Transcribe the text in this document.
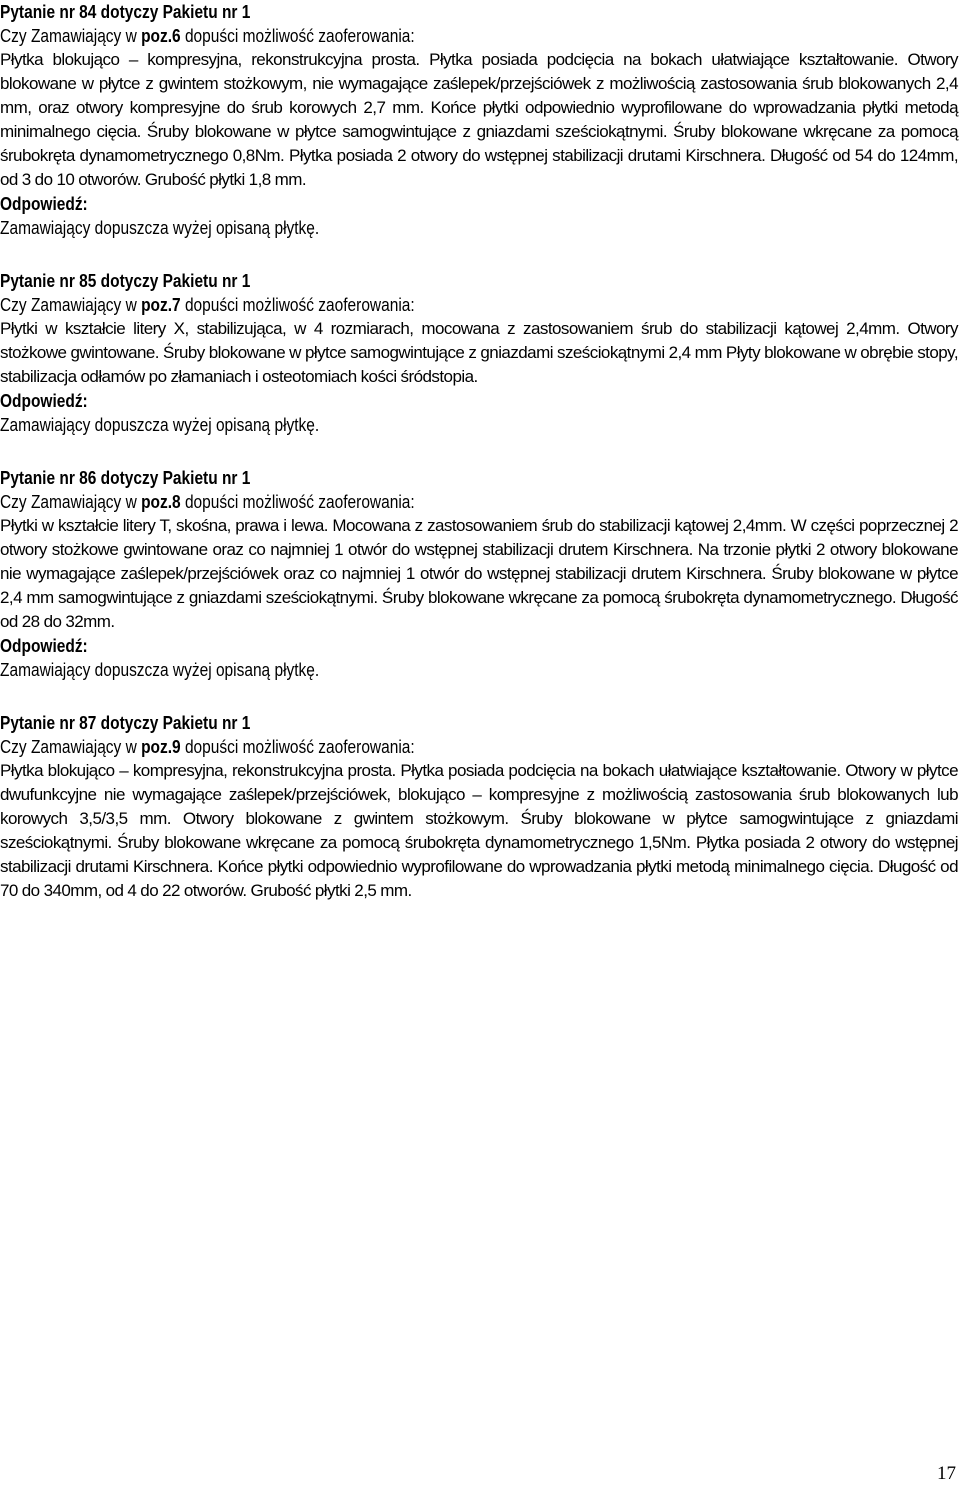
Pytanie nr 84 dotyczy Pakietu nr 1
Czy Zamawiający w poz.6 dopuści możliwość zaoferowania:

Płytka blokująco – kompresyjna, rekonstrukcyjna prosta. Płytka posiada podcięcia na bokach ułatwiające kształtowanie. Otwory blokowane w płytce z gwintem stożkowym, nie wymagające zaślepek/przejściówek z możliwością zastosowania śrub blokowanych 2,4 mm, oraz otwory kompresyjne do śrub korowych 2,7 mm. Końce płytki odpowiednio wyprofilowane do wprowadzania płytki metodą minimalnego cięcia. Śruby blokowane w płytce samogwintujące z gniazdami sześciokątnymi. Śruby blokowane wkręcane za pomocą śrubokręta dynamometrycznego 0,8Nm. Płytka posiada 2 otwory do wstępnej stabilizacji drutami Kirschnera. Długość od 54 do 124mm, od 3 do 10 otworów. Grubość płytki 1,8 mm.

Odpowiedź:
Zamawiający dopuszcza wyżej opisaną płytkę.
Pytanie nr 85 dotyczy Pakietu nr 1
Czy Zamawiający w poz.7 dopuści możliwość zaoferowania:

Płytki w kształcie litery X, stabilizująca, w 4 rozmiarach, mocowana z zastosowaniem śrub do stabilizacji kątowej 2,4mm. Otwory stożkowe gwintowane. Śruby blokowane w płytce samogwintujące z gniazdami sześciokątnymi 2,4 mm Płyty blokowane w obrębie stopy, stabilizacja odłamów po złamaniach i osteotomiach kości śródstopia.

Odpowiedź:
Zamawiający dopuszcza wyżej opisaną płytkę.
Pytanie nr 86 dotyczy Pakietu nr 1
Czy Zamawiający w poz.8 dopuści możliwość zaoferowania:

Płytki w kształcie litery T, skośna, prawa i lewa. Mocowana z zastosowaniem śrub do stabilizacji kątowej 2,4mm. W części poprzecznej 2 otwory stożkowe gwintowane oraz co najmniej 1 otwór do wstępnej stabilizacji drutem Kirschnera. Na trzonie płytki 2 otwory blokowane nie wymagające zaślepek/przejściówek oraz co najmniej 1 otwór do wstępnej stabilizacji drutem Kirschnera. Śruby blokowane w płytce 2,4 mm samogwintujące z gniazdami sześciokątnymi. Śruby blokowane wkręcane za pomocą śrubokręta dynamometrycznego. Długość od 28 do 32mm.

Odpowiedź:
Zamawiający dopuszcza wyżej opisaną płytkę.
Pytanie nr 87 dotyczy Pakietu nr 1
Czy Zamawiający w poz.9 dopuści możliwość zaoferowania:

Płytka blokująco – kompresyjna, rekonstrukcyjna prosta. Płytka posiada podcięcia na bokach ułatwiające kształtowanie. Otwory w płytce dwufunkcyjne nie wymagające zaślepek/przejściówek, blokująco – kompresyjne z możliwością zastosowania śrub blokowanych lub korowych 3,5/3,5 mm. Otwory blokowane z gwintem stożkowym. Śruby blokowane w płytce samogwintujące z gniazdami sześciokątnymi. Śruby blokowane wkręcane za pomocą śrubokręta dynamometrycznego 1,5Nm. Płytka posiada 2 otwory do wstępnej stabilizacji drutami Kirschnera. Końce płytki odpowiednio wyprofilowane do wprowadzania płytki metodą minimalnego cięcia. Długość od 70 do 340mm, od 4 do 22 otworów. Grubość płytki 2,5 mm.

17
